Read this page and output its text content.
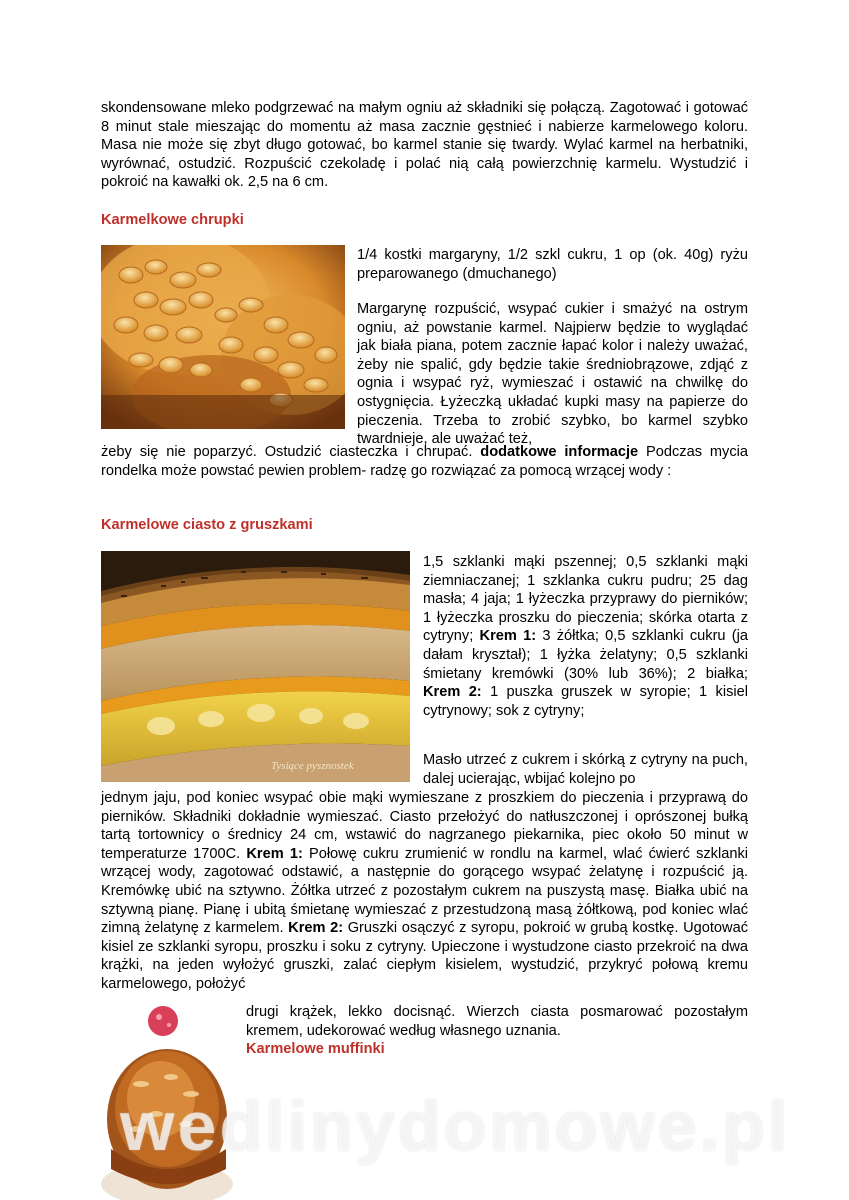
skondensowane mleko podgrzewać na małym ogniu aż składniki się połączą. Zagotować i gotować 8 minut stale mieszając do momentu aż masa zacznie gęstnieć i nabierze karmelowego koloru. Masa nie może się zbyt długo gotować, bo karmel stanie się twardy. Wylać karmel na herbatniki, wyrównać, ostudzić. Rozpuścić czekoladę i polać nią całą powierzchnię karmelu. Wystudzić i pokroić na kawałki ok. 2,5 na 6 cm.

Karmelkowe chrupki

1/4 kostki margaryny, 1/2 szkl cukru, 1 op (ok. 40g) ryżu preparowanego (dmuchanego)

Margarynę rozpuścić, wsypać cukier i smażyć na ostrym ogniu, aż powstanie karmel. Najpierw będzie to wyglądać jak biała piana, potem zacznie łapać kolor i należy uważać, żeby nie spalić, gdy będzie takie średniobrązowe, zdjąć z ognia i wsypać ryż, wymieszać i ostawić na chwilkę do ostygnięcia. Łyżeczką układać kupki masy na papierze do pieczenia. Trzeba to zrobić szybko, bo karmel szybko twardnieje, ale uważać też,

żeby się nie poparzyć. Ostudzić ciasteczka i chrupać. dodatkowe informacje Podczas mycia rondelka może powstać pewien problem- radzę go rozwiązać za pomocą wrzącej wody :

Karmelowe ciasto z gruszkami
Tysiące pysznostek

1,5 szklanki mąki pszennej; 0,5 szklanki mąki ziemniaczanej; 1 szklanka cukru pudru; 25 dag masła; 4 jaja; 1 łyżeczka przyprawy do pierników; 1 łyżeczka proszku do pieczenia; skórka otarta z cytryny; Krem 1: 3 żółtka; 0,5 szklanki cukru (ja dałam kryształ); 1 łyżka żelatyny; 0,5 szklanki śmietany kremówki (30% lub 36%); 2 białka; Krem 2: 1 puszka gruszek w syropie; 1 kisiel cytrynowy; sok z cytryny;

Masło utrzeć z cukrem i skórką z cytryny na puch, dalej ucierając, wbijać kolejno po

jednym jaju, pod koniec wsypać obie mąki wymieszane z proszkiem do pieczenia i przyprawą do pierników. Składniki dokładnie wymieszać. Ciasto przełożyć do natłuszczonej i oprószonej bułką tartą tortownicy o średnicy 24 cm, wstawić do nagrzanego piekarnika, piec około 50 minut w temperaturze 1700C. Krem 1: Połowę cukru zrumienić w rondlu na karmel, wlać ćwierć szklanki wrzącej wody, zagotować odstawić, a następnie do gorącego wsypać żelatynę i rozpuścić ją. Kremówkę ubić na sztywno. Żółtka utrzeć z pozostałym cukrem na puszystą masę. Białka ubić na sztywną pianę. Pianę i ubitą śmietanę wymieszać z przestudzoną masą żółtkową, pod koniec wlać zimną żelatynę z karmelem. Krem 2: Gruszki osączyć z syropu, pokroić w grubą kostkę. Ugotować kisiel ze szklanki syropu, proszku i soku z cytryny. Upieczone i wystudzone ciasto przekroić na dwa krążki, na jeden wyłożyć gruszki, zalać ciepłym kisielem, wystudzić, przykryć połową kremu karmelowego, położyć

drugi krążek, lekko docisnąć. Wierzch ciasta posmarować pozostałym kremem, udekorować według własnego uznania.

Karmelowe muffinki
wedlinydomowe.pl
